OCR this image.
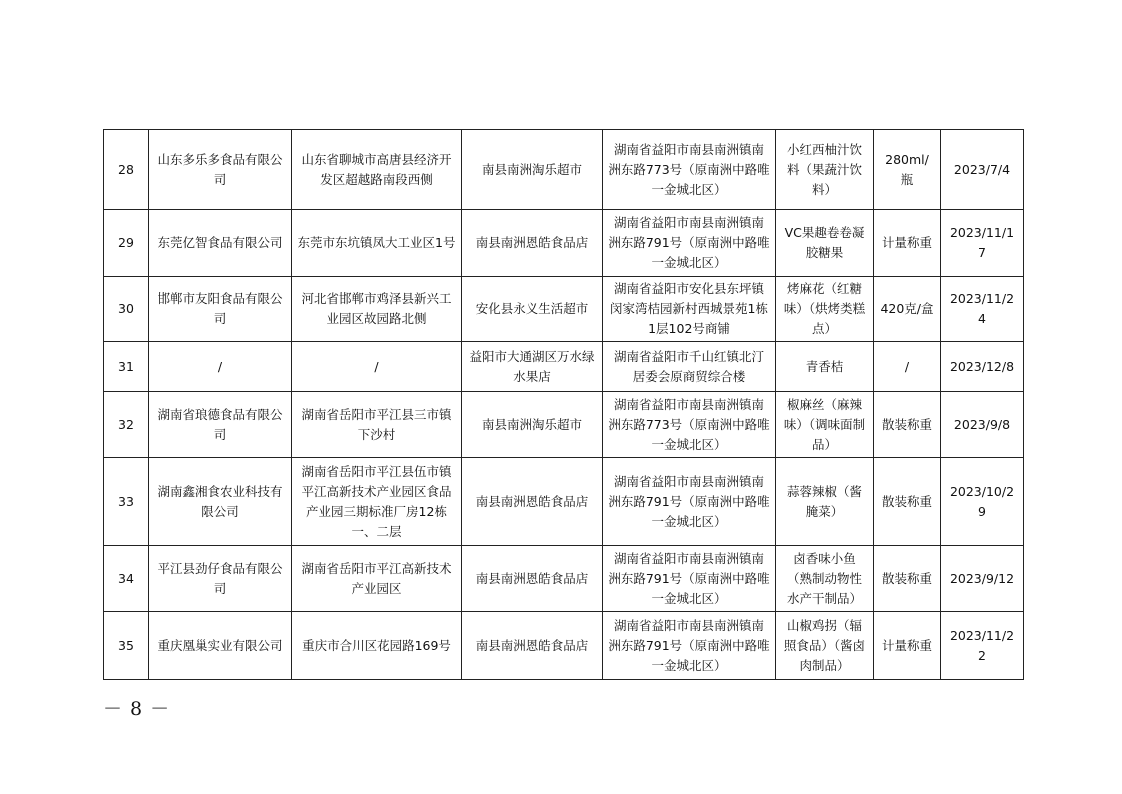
28	山东多乐多食品有限公司	山东省聊城市高唐县经济开发区超越路南段西侧	南县南洲淘乐超市	湖南省益阳市南县南洲镇南洲东路773号（原南洲中路唯一金城北区）	小红西柚汁饮料（果蔬汁饮料）	280ml/瓶	2023/7/4
29	东莞亿智食品有限公司	东莞市东坑镇凤大工业区1号	南县南洲恩皓食品店	湖南省益阳市南县南洲镇南洲东路791号（原南洲中路唯一金城北区）	VC果趣卷卷凝胶糖果	计量称重	2023/11/17
30	邯郸市友阳食品有限公司	河北省邯郸市鸡泽县新兴工业园区故园路北侧	安化县永义生活超市	湖南省益阳市安化县东坪镇闵家湾桔园新村西城景苑1栋1层102号商铺	烤麻花（红糖味）（烘烤类糕点）	420克/盒	2023/11/24
31	/	/	益阳市大通湖区万水绿水果店	湖南省益阳市千山红镇北汀居委会原商贸综合楼	青香桔	/	2023/12/8
32	湖南省琅德食品有限公司	湖南省岳阳市平江县三市镇下沙村	南县南洲淘乐超市	湖南省益阳市南县南洲镇南洲东路773号（原南洲中路唯一金城北区）	椒麻丝（麻辣味）（调味面制品）	散装称重	2023/9/8
33	湖南鑫湘食农业科技有限公司	湖南省岳阳市平江县伍市镇平江高新技术产业园区食品产业园三期标准厂房12栋一、二层	南县南洲恩皓食品店	湖南省益阳市南县南洲镇南洲东路791号（原南洲中路唯一金城北区）	蒜蓉辣椒（酱腌菜）	散装称重	2023/10/29
34	平江县劲仔食品有限公司	湖南省岳阳市平江高新技术产业园区	南县南洲恩皓食品店	湖南省益阳市南县南洲镇南洲东路791号（原南洲中路唯一金城北区）	卤香味小鱼（熟制动物性水产干制品）	散装称重	2023/9/12
35	重庆凰巢实业有限公司	重庆市合川区花园路169号	南县南洲恩皓食品店	湖南省益阳市南县南洲镇南洲东路791号（原南洲中路唯一金城北区）	山椒鸡拐（辐照食品）（酱卤肉制品）	计量称重	2023/11/22
－ 8 －
